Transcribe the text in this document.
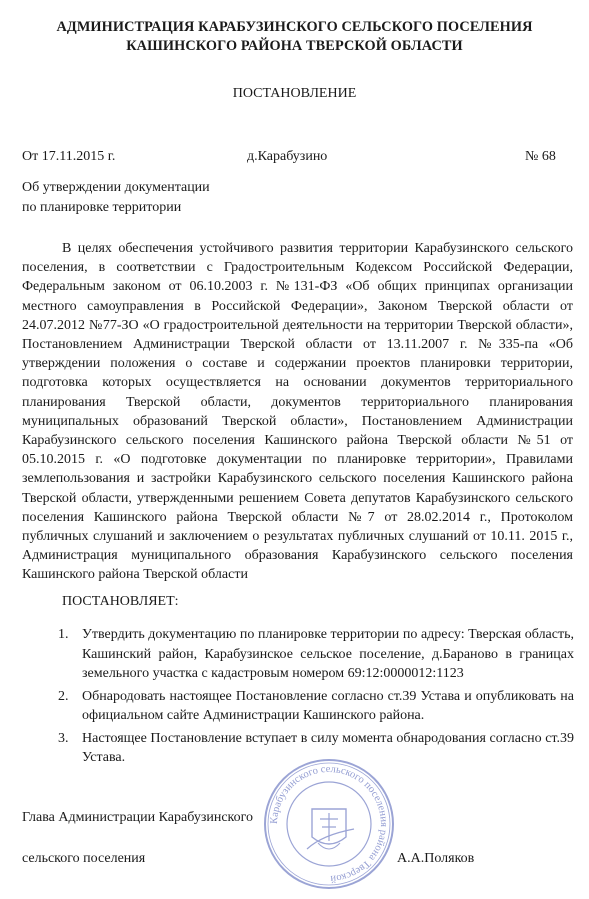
АДМИНИСТРАЦИЯ КАРАБУЗИНСКОГО СЕЛЬСКОГО ПОСЕЛЕНИЯ
КАШИНСКОГО РАЙОНА ТВЕРСКОЙ ОБЛАСТИ
ПОСТАНОВЛЕНИЕ
От 17.11.2015 г.	д.Карабузино	№ 68
Об утверждении документации
по планировке территории
В целях обеспечения устойчивого развития территории Карабузинского сельского поселения, в соответствии с Градостроительным Кодексом Российской Федерации, Федеральным законом от 06.10.2003 г. №131-ФЗ «Об общих принципах организации местного самоуправления в Российской Федерации», Законом Тверской области от 24.07.2012 №77-ЗО «О градостроительной деятельности на территории Тверской области», Постановлением Администрации Тверской области от 13.11.2007 г. №335-па «Об утверждении положения о составе и содержании проектов планировки территории, подготовка которых осуществляется на основании документов территориального планирования Тверской области, документов территориального планирования муниципальных образований Тверской области», Постановлением Администрации Карабузинского сельского поселения Кашинского района Тверской области №51 от 05.10.2015 г. «О подготовке документации по планировке территории», Правилами землепользования и застройки Карабузинского сельского поселения Кашинского района Тверской области, утвержденными решением Совета депутатов Карабузинского сельского поселения Кашинского района Тверской области №7 от 28.02.2014 г., Протоколом публичных слушаний и заключением о результатах публичных слушаний от 10.11. 2015 г., Администрация муниципального образования Карабузинского сельского поселения Кашинского района Тверской области
ПОСТАНОВЛЯЕТ:
1. Утвердить документацию по планировке территории по адресу: Тверская область, Кашинский район, Карабузинское сельское поселение, д.Бараново в границах земельного участка с кадастровым номером 69:12:0000012:1123
2. Обнародовать настоящее Постановление согласно ст.39 Устава и опубликовать на официальном сайте Администрации Кашинского района.
3. Настоящее Постановление вступает в силу момента обнародования согласно ст.39 Устава.
Глава Администрации Карабузинского
сельского поселения	А.А.Поляков
Карабузинского сельского поселения района Тверской
